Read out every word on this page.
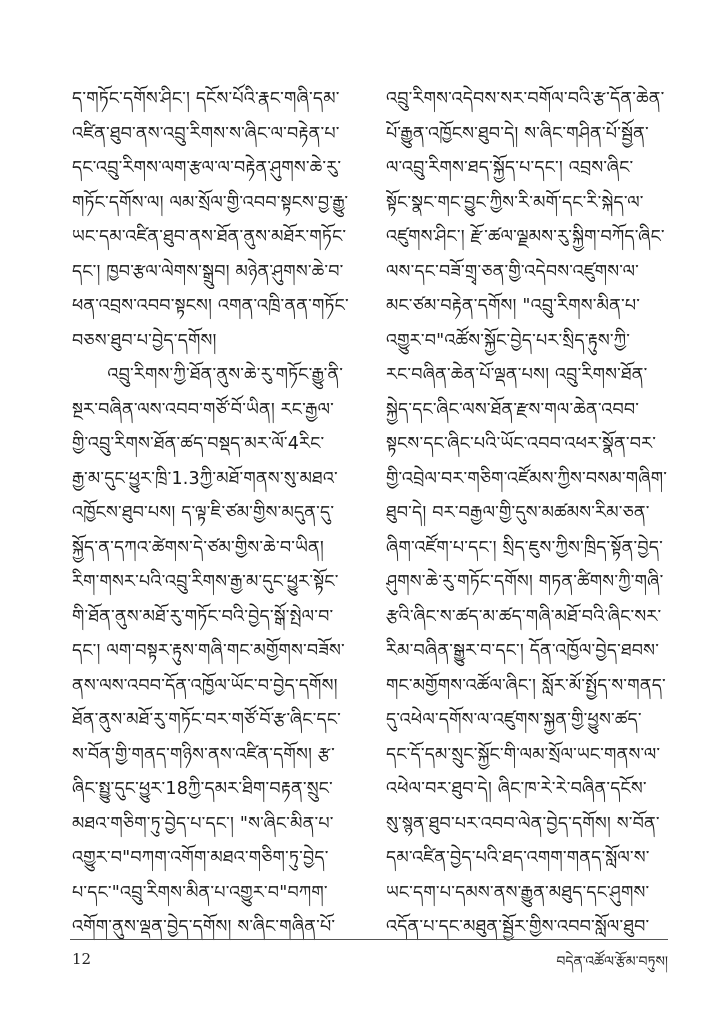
ད་གཏོང་དགོས་ཤིང་། དངོས་པོའི་རྣང་གཞི་དམ་
འཛིན་ཐུབ་ནས་འབྲུ་རིགས་ས་ཞིང་ལ་བརྟེན་པ་
དང་འབྲུ་རིགས་ལག་རྩལ་ལ་བརྟེན་ཤུགས་ཆེ་རུ་
གཏོང་དགོས་ལ། ལམ་སྲོལ་གྱི་འབབ་སྟངས་བྱ་རྒྱུ་
ཡང་དམ་འཛིན་ཐུབ་ནས་ཐོན་ནུས་མཐོར་གཏོང་
དང་། ཁྱབ་རྩལ་ལེགས་སྒྲུབ། མཉེན་ཤུགས་ཆེ་བ་
ཕན་འབྲས་འབབ་སྟངས། འགན་འཁྲི་ནན་གཏོང་
བཅས་ཐུབ་པ་བྱེད་དགོས།
　　འབྲུ་རིགས་ཀྱི་ཐོན་ནུས་ཆེ་རུ་གཏོང་རྒྱུ་ནི་
སྔར་བཞིན་ལས་འབབ་གཙོ་བོ་ཡིན། རང་རྒྱལ་
གྱི་འབྲུ་རིགས་ཐོན་ཚད་བསྡད་མར་ལོ་4རིང་
རྒྱ་མ་དུང་ཕྱུར་ཁྲི་1.3ཀྱི་མཐོ་གནས་སུ་མཐའ་
འཁྱོངས་ཐུབ་པས། ད་ལྟ་ཇི་ཙམ་གྱིས་མདུན་དུ་
སྐྱོད་ན་དཀའ་ཚེགས་དེ་ཙམ་གྱིས་ཆེ་བ་ཡིན།
རིག་གསར་པའི་འབྲུ་རིགས་རྒྱ་མ་དུང་ཕྱུར་སྟོང་
གི་ཐོན་ནུས་མཐོ་རུ་གཏོང་བའི་བྱེད་སྒོ་སྤེལ་བ་
དང་། ལག་བསྟར་རྟུས་གཞི་གང་མགྱོགས་བཟོས་
ནས་ལས་འབབ་དོན་འཁྱོལ་ཡོང་བ་བྱེད་དགོས།
ཐོན་ནུས་མཐོ་རུ་གཏོང་བར་གཙོ་བོ་རྩ་ཞིང་དང་
ས་བོན་གྱི་གནད་གཉིས་ནས་འཛིན་དགོས། རྩ་
ཞིང་སྤྱུ་དུང་ཕྱུར་18ཀྱི་དམར་ཐིག་བརྟན་སྲུང་
མཐའ་གཅིག་ཏུ་བྱེད་པ་དང་། "ས་ཞིང་མིན་པ་
འགྱུར་བ"བཀག་འགོག་མཐའ་གཅིག་ཏུ་བྱེད་
པ་དང་"འབྲུ་རིགས་མིན་པ་འགྱུར་བ"བཀག་
འགོག་ནུས་ལྡན་བྱེད་དགོས། ས་ཞིང་གཞིན་པོ་
འབྲུ་རིགས་འདེབས་སར་བགོལ་བའི་རྩ་དོན་ཆེན་
པོ་རྒྱུན་འཁྱོངས་ཐུབ་དེ། ས་ཞིང་གཤིན་པོ་སྦྱོན་
ལ་འབྲུ་རིགས་ཐད་སྐྱོད་པ་དང་། འབྲས་ཞིང་
སྟོང་སྣང་གང་བྱུང་ཀྱིས་རི་མགོ་དང་རི་སྐེད་ལ་
འཛུགས་ཤིང་། རྫོ་ཚལ་ལྗམས་རུ་སྐྱིག་བཀོད་ཞིང་
ལས་དང་བཟོ་གྲྭ་ཅན་གྱི་འདེབས་འཛུགས་ལ་
མང་ཙམ་བརྟེན་དགོས། "འབྲུ་རིགས་མིན་པ་
འགྱུར་བ"འཚོས་སྐྱོང་བྱེད་པར་སྲིད་རྟུས་ཀྱི་
རང་བཞིན་ཆེན་པོ་ལྡན་པས། འབྲུ་རིགས་ཐོན་
སྐྱེད་དང་ཞིང་ལས་ཐོན་རྫས་གལ་ཆེན་འབབ་
སྟངས་དང་ཞིང་པའི་ཡོང་འབབ་འཕར་སྣོན་བར་
གྱི་འབྲེལ་བར་གཅིག་འཛོམས་ཀྱིས་བསམ་གཞིག་
ཐུབ་དེ། བར་བརྒྱལ་གྱི་དུས་མཚམས་རིམ་ཅན་
ཞིག་འཛོག་པ་དང་། སྲིད་ཇུས་ཀྱིས་ཁྲིད་སྟོན་བྱེད་
ཤུགས་ཆེ་རུ་གཏོང་དགོས། གཏན་ཚིགས་ཀྱི་གཞི་
རྩའི་ཞིང་ས་ཚད་མ་ཚད་གཞི་མཐོ་བའི་ཞིང་སར་
རིམ་བཞིན་སྒྱུར་བ་དང་། དོན་འཁྱོལ་བྱེད་ཐབས་
གང་མགྱོགས་འཚོལ་ཞིང་། སློར་མོ་སྤྱོད་ས་གནད་
དུ་འཕེལ་དགོས་ལ་འཛུགས་སྐྱན་གྱི་ཕྱུས་ཚད་
དང་དོ་དམ་སྲུང་སྐྱོང་གི་ལམ་སྲོལ་ཡང་གནས་ལ་
འཕེལ་བར་ཐུབ་དེ། ཞིང་ཁ་རེ་རེ་བཞིན་དངོས་
སུ་སྙན་ཐུབ་པར་འབབ་ལེན་བྱེད་དགོས། ས་བོན་
དམ་འཛིན་བྱེད་པའི་ཐད་འགག་གནད་སློལ་ས་
ཡང་དག་པ་དམས་ནས་རྒྱུན་མཐུད་དང་ཤུགས་
འདོན་པ་དང་མཐུན་སྦྱོར་གྱིས་འབབ་སློལ་ཐུབ་
12	བདེན་འཚོལ་རྩོམ་བཏུས།
